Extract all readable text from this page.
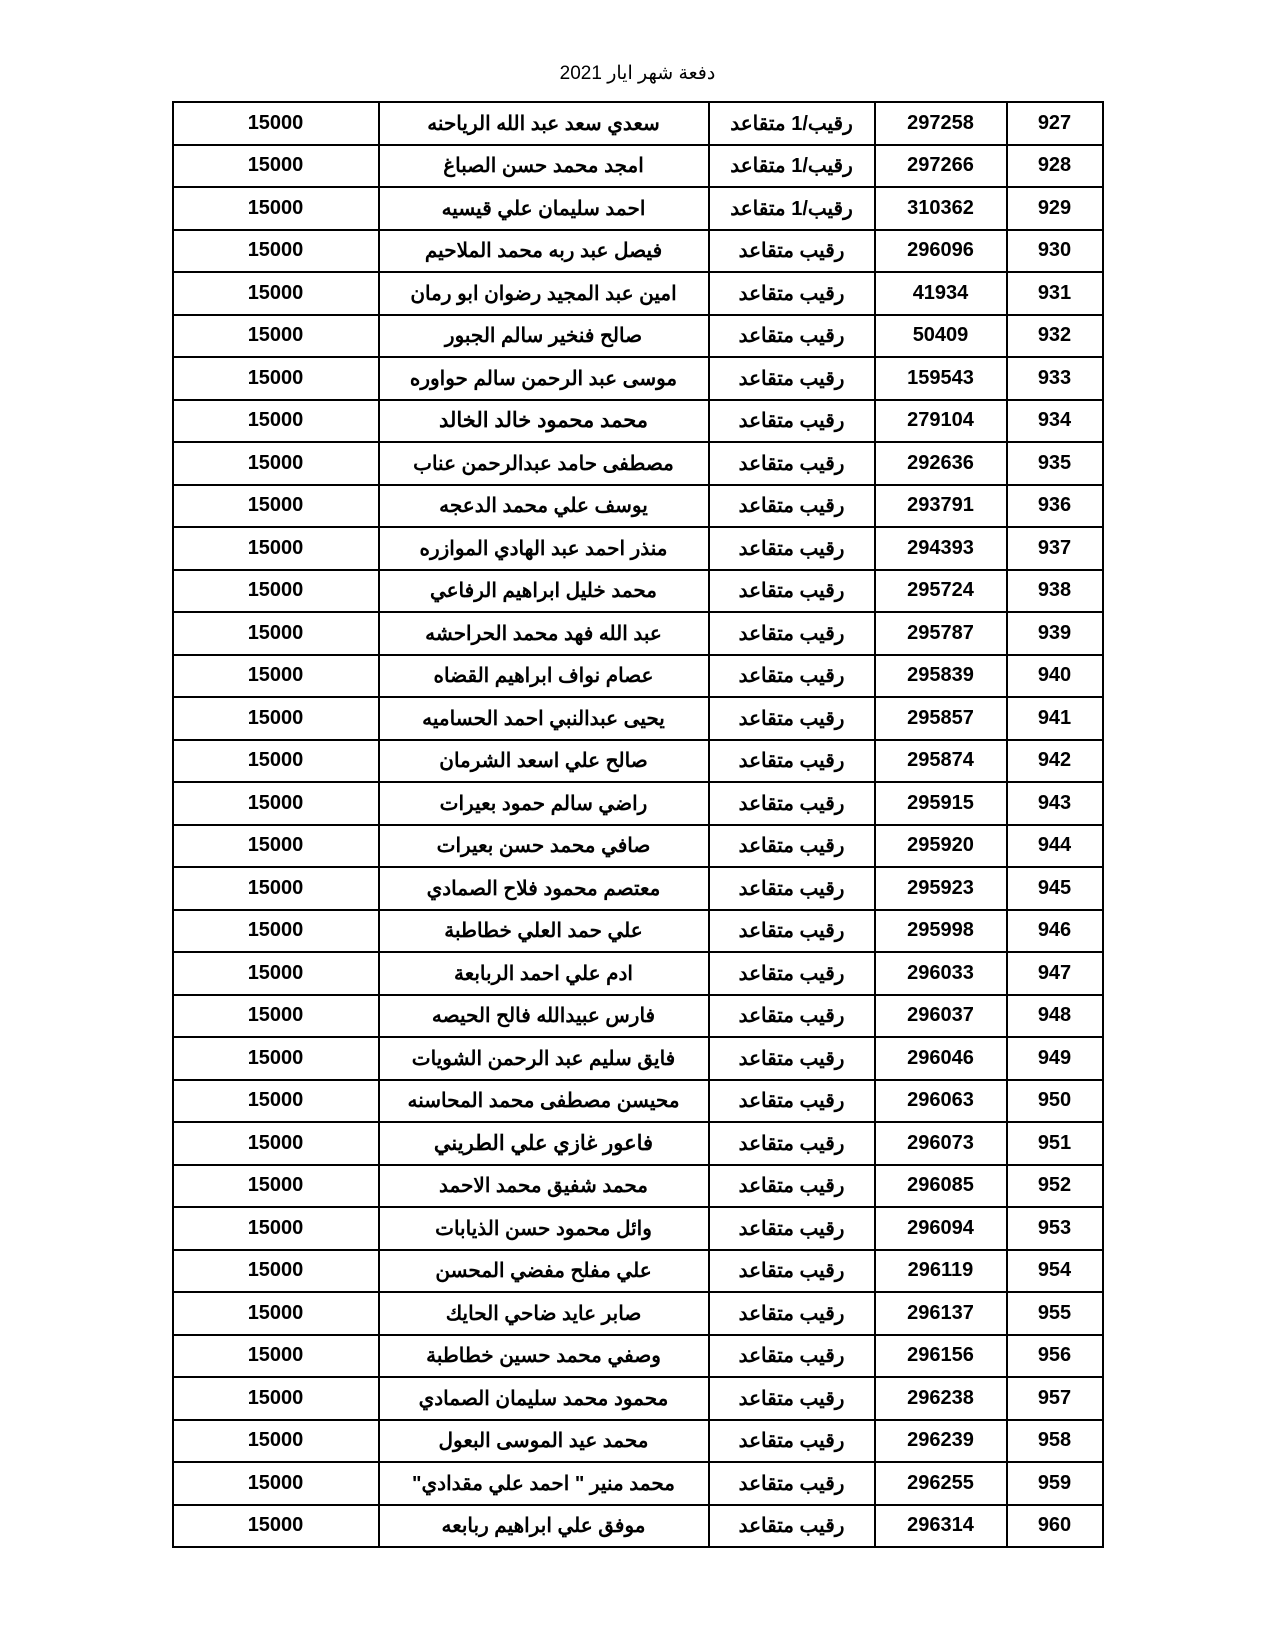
دفعة شهر ايار 2021
927	297258	رقيب/1 متقاعد	سعدي سعد عبد الله الرياحنه	15000
928	297266	رقيب/1 متقاعد	امجد محمد حسن الصباغ	15000
929	310362	رقيب/1 متقاعد	احمد سليمان علي قيسيه	15000
930	296096	رقيب متقاعد	فيصل عبد ربه محمد الملاحيم	15000
931	41934	رقيب متقاعد	امين عبد المجيد رضوان ابو رمان	15000
932	50409	رقيب متقاعد	صالح فنخير سالم الجبور	15000
933	159543	رقيب متقاعد	موسى عبد الرحمن سالم حواوره	15000
934	279104	رقيب متقاعد	محمد محمود خالد الخالد	15000
935	292636	رقيب متقاعد	مصطفى حامد عبدالرحمن عناب	15000
936	293791	رقيب متقاعد	يوسف علي محمد الدعجه	15000
937	294393	رقيب متقاعد	منذر احمد عبد الهادي الموازره	15000
938	295724	رقيب متقاعد	محمد خليل ابراهيم الرفاعي	15000
939	295787	رقيب متقاعد	عبد الله فهد محمد الحراحشه	15000
940	295839	رقيب متقاعد	عصام نواف ابراهيم القضاه	15000
941	295857	رقيب متقاعد	يحيى عبدالنبي احمد الحساميه	15000
942	295874	رقيب متقاعد	صالح علي اسعد الشرمان	15000
943	295915	رقيب متقاعد	راضي سالم حمود بعيرات	15000
944	295920	رقيب متقاعد	صافي محمد حسن بعيرات	15000
945	295923	رقيب متقاعد	معتصم محمود فلاح الصمادي	15000
946	295998	رقيب متقاعد	علي حمد العلي خطاطبة	15000
947	296033	رقيب متقاعد	ادم علي احمد الربابعة	15000
948	296037	رقيب متقاعد	فارس عبيدالله فالح الحيصه	15000
949	296046	رقيب متقاعد	فايق سليم عبد الرحمن الشويات	15000
950	296063	رقيب متقاعد	محيسن مصطفى محمد المحاسنه	15000
951	296073	رقيب متقاعد	فاعور غازي علي الطريني	15000
952	296085	رقيب متقاعد	محمد شفيق محمد الاحمد	15000
953	296094	رقيب متقاعد	وائل محمود حسن الذيابات	15000
954	296119	رقيب متقاعد	علي مفلح مفضي المحسن	15000
955	296137	رقيب متقاعد	صابر عايد ضاحي الحايك	15000
956	296156	رقيب متقاعد	وصفي محمد حسين خطاطبة	15000
957	296238	رقيب متقاعد	محمود محمد سليمان الصمادي	15000
958	296239	رقيب متقاعد	محمد عيد الموسى البعول	15000
959	296255	رقيب متقاعد	محمد منير " احمد علي مقدادي"	15000
960	296314	رقيب متقاعد	موفق علي ابراهيم ربابعه	15000
